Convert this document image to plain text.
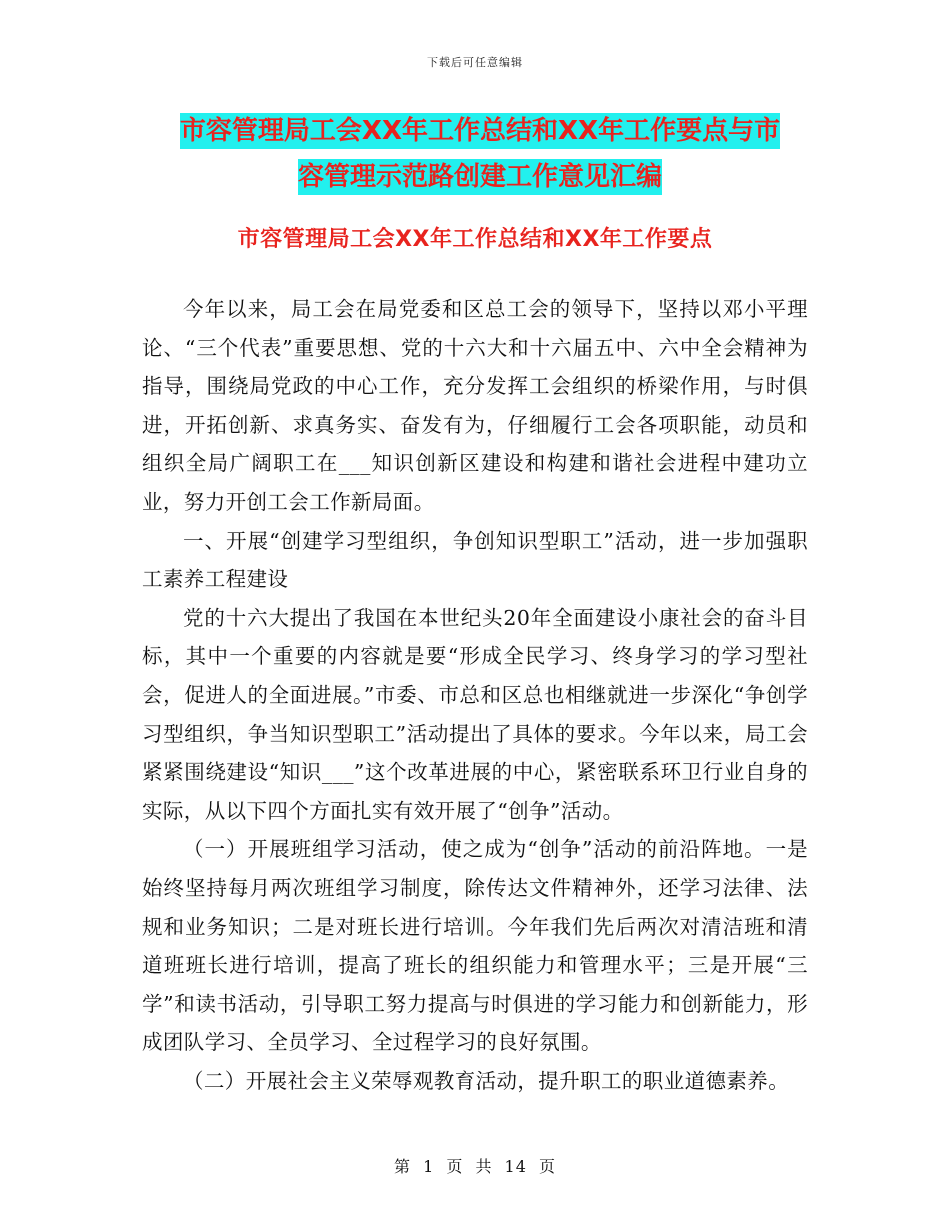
下载后可任意编辑
市容管理局工会XX年工作总结和XX年工作要点与市
容管理示范路创建工作意见汇编
市容管理局工会XX年工作总结和XX年工作要点

今年以来，局工会在局党委和区总工会的领导下，坚持以邓小平理论、“三个代表”重要思想、党的十六大和十六届五中、六中全会精神为指导，围绕局党政的中心工作，充分发挥工会组织的桥梁作用，与时俱进，开拓创新、求真务实、奋发有为，仔细履行工会各项职能，动员和组织全局广阔职工在___知识创新区建设和构建和谐社会进程中建功立业，努力开创工会工作新局面。

一、开展“创建学习型组织，争创知识型职工”活动，进一步加强职工素养工程建设

党的十六大提出了我国在本世纪头20年全面建设小康社会的奋斗目标，其中一个重要的内容就是要“形成全民学习、终身学习的学习型社会，促进人的全面进展。”市委、市总和区总也相继就进一步深化“争创学习型组织，争当知识型职工”活动提出了具体的要求。今年以来，局工会紧紧围绕建设“知识___”这个改革进展的中心，紧密联系环卫行业自身的实际，从以下四个方面扎实有效开展了“创争”活动。

（一）开展班组学习活动，使之成为“创争”活动的前沿阵地。一是始终坚持每月两次班组学习制度，除传达文件精神外，还学习法律、法规和业务知识；二是对班长进行培训。今年我们先后两次对清洁班和清道班班长进行培训，提高了班长的组织能力和管理水平；三是开展“三学”和读书活动，引导职工努力提高与时俱进的学习能力和创新能力，形成团队学习、全员学习、全过程学习的良好氛围。

（二）开展社会主义荣辱观教育活动，提升职工的职业道德素养。

第 1 页 共 14 页
